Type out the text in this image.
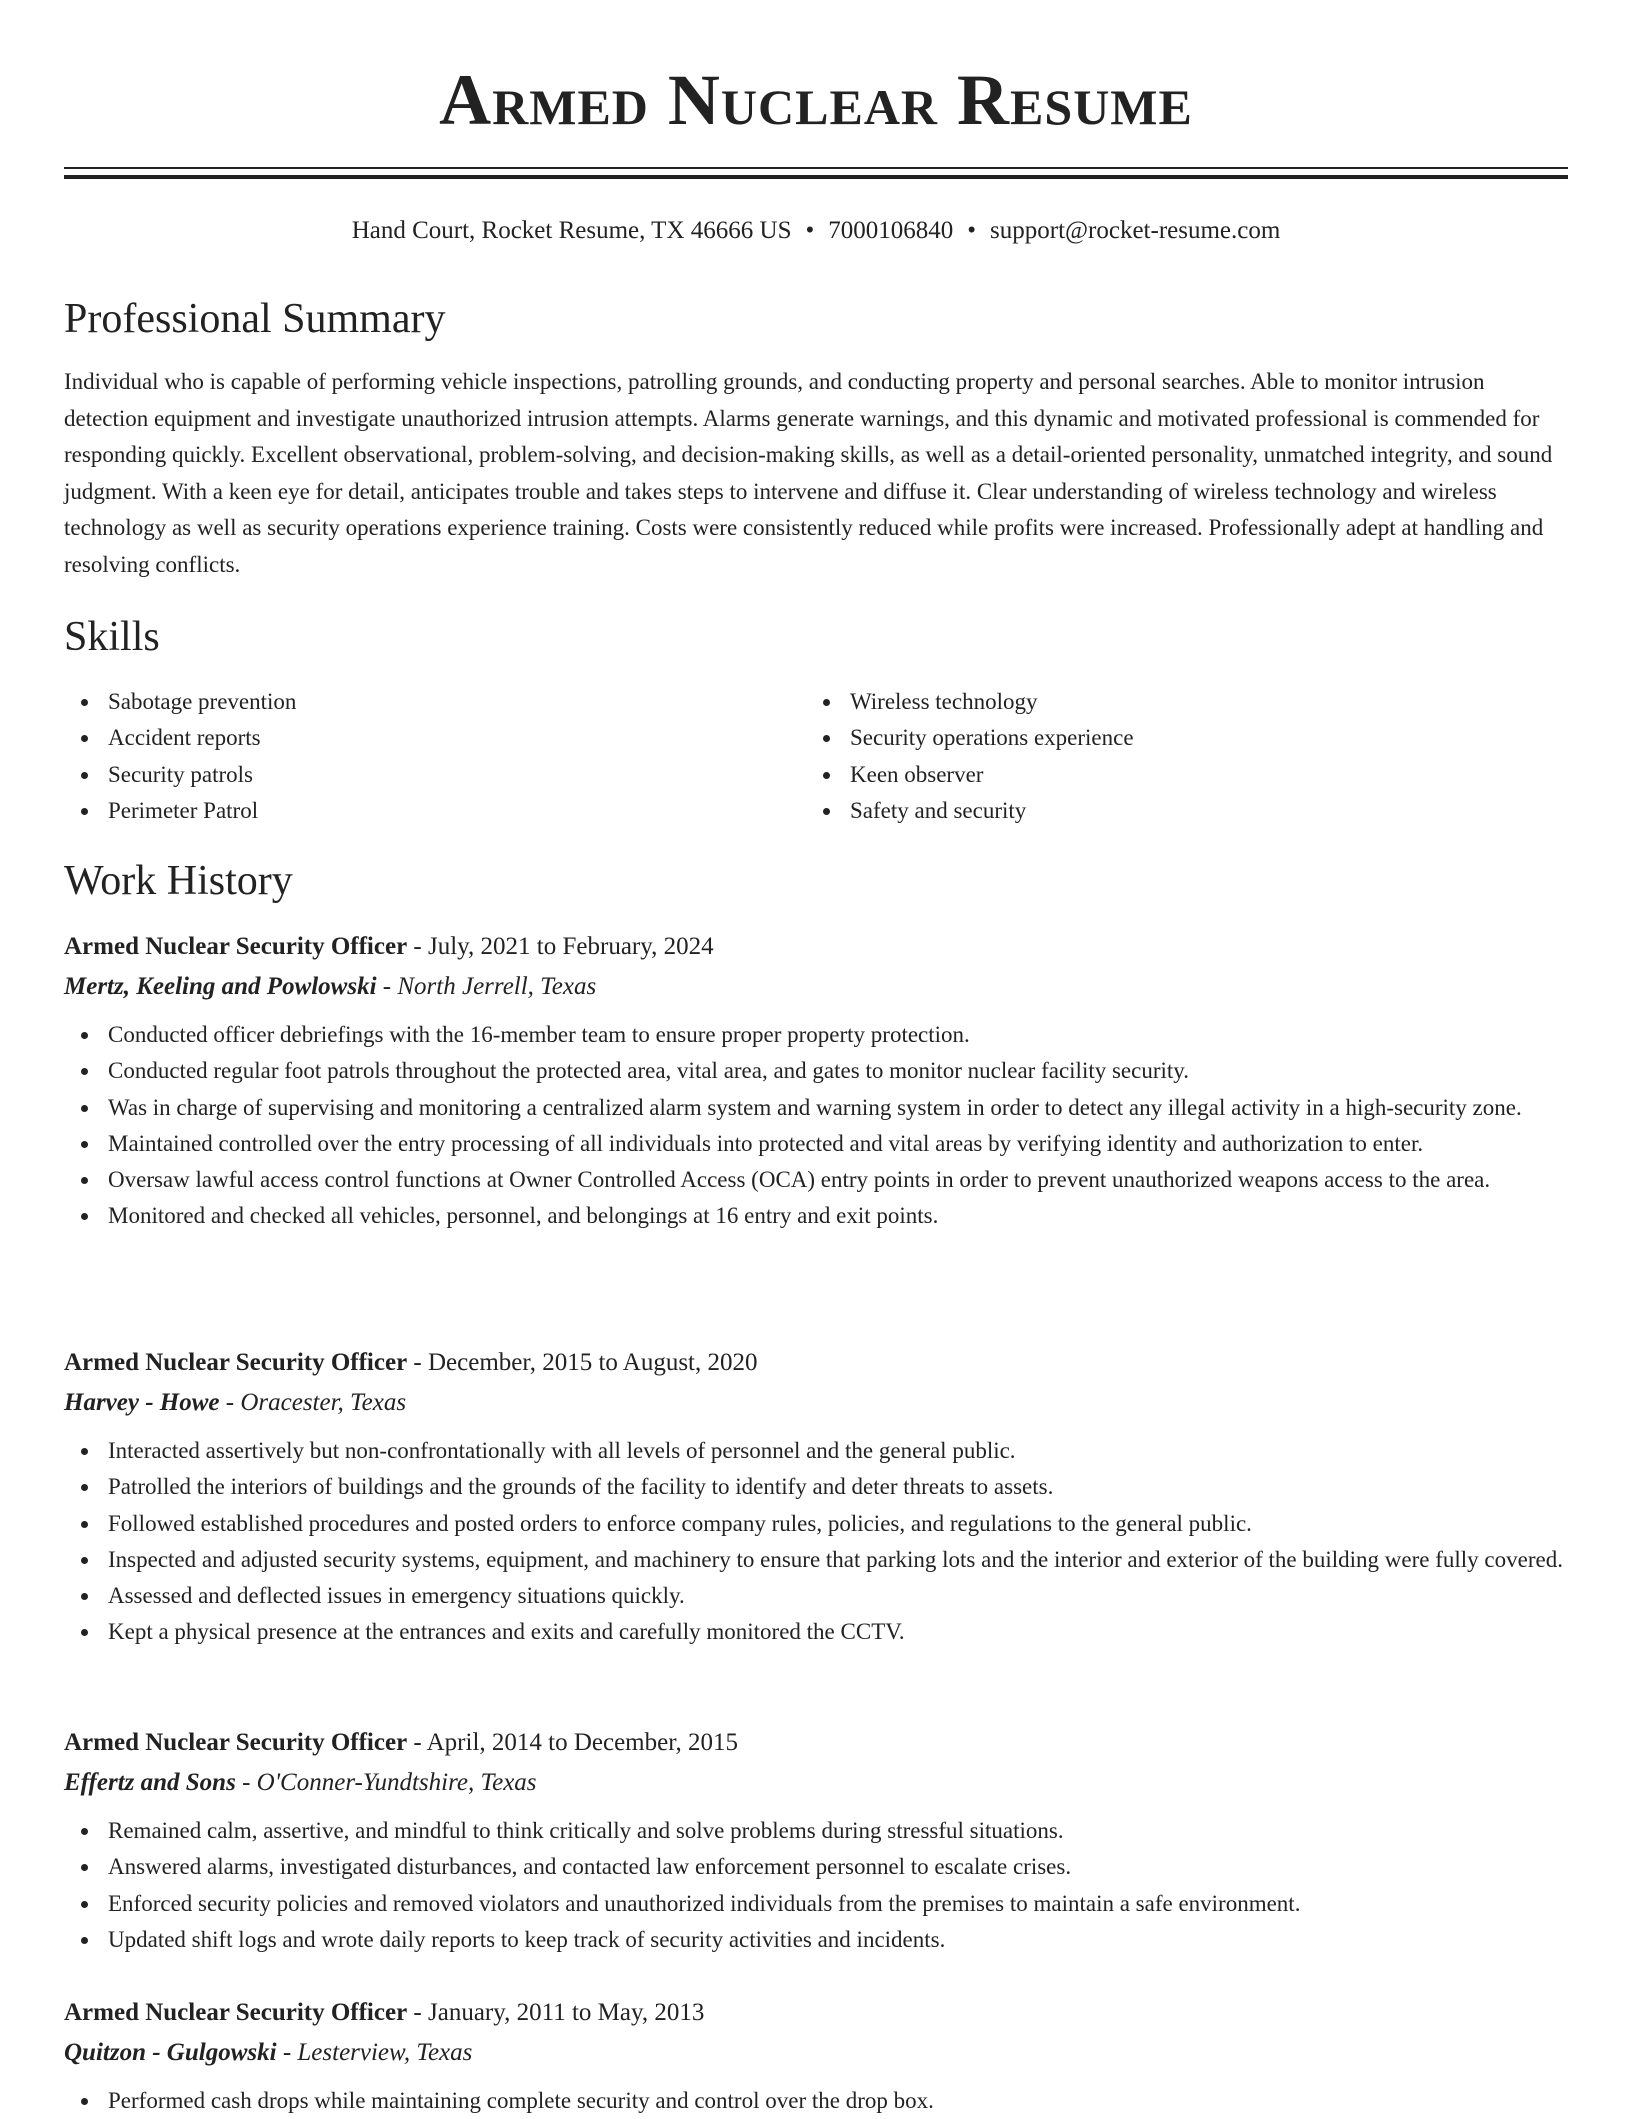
Armed Nuclear Resume
Hand Court, Rocket Resume, TX 46666 US • 7000106840 • support@rocket-resume.com
Professional Summary

Individual who is capable of performing vehicle inspections, patrolling grounds, and conducting property and personal searches. Able to monitor intrusion detection equipment and investigate unauthorized intrusion attempts. Alarms generate warnings, and this dynamic and motivated professional is commended for responding quickly. Excellent observational, problem-solving, and decision-making skills, as well as a detail-oriented personality, unmatched integrity, and sound judgment. With a keen eye for detail, anticipates trouble and takes steps to intervene and diffuse it. Clear understanding of wireless technology and wireless technology as well as security operations experience training. Costs were consistently reduced while profits were increased. Professionally adept at handling and resolving conflicts.

Skills
Sabotage prevention
Accident reports
Security patrols
Perimeter Patrol
Wireless technology
Security operations experience
Keen observer
Safety and security
Work History

Armed Nuclear Security Officer - July, 2021 to February, 2024

Mertz, Keeling and Powlowski - North Jerrell, Texas

Conducted officer debriefings with the 16-member team to ensure proper property protection.
Conducted regular foot patrols throughout the protected area, vital area, and gates to monitor nuclear facility security.
Was in charge of supervising and monitoring a centralized alarm system and warning system in order to detect any illegal activity in a high-security zone.
Maintained controlled over the entry processing of all individuals into protected and vital areas by verifying identity and authorization to enter.
Oversaw lawful access control functions at Owner Controlled Access (OCA) entry points in order to prevent unauthorized weapons access to the area.
Monitored and checked all vehicles, personnel, and belongings at 16 entry and exit points.

Armed Nuclear Security Officer - December, 2015 to August, 2020

Harvey - Howe - Oracester, Texas

Interacted assertively but non-confrontationally with all levels of personnel and the general public.
Patrolled the interiors of buildings and the grounds of the facility to identify and deter threats to assets.
Followed established procedures and posted orders to enforce company rules, policies, and regulations to the general public.
Inspected and adjusted security systems, equipment, and machinery to ensure that parking lots and the interior and exterior of the building were fully covered.
Assessed and deflected issues in emergency situations quickly.
Kept a physical presence at the entrances and exits and carefully monitored the CCTV.

Armed Nuclear Security Officer - April, 2014 to December, 2015

Effertz and Sons - O'Conner-Yundtshire, Texas

Remained calm, assertive, and mindful to think critically and solve problems during stressful situations.
Answered alarms, investigated disturbances, and contacted law enforcement personnel to escalate crises.
Enforced security policies and removed violators and unauthorized individuals from the premises to maintain a safe environment.
Updated shift logs and wrote daily reports to keep track of security activities and incidents.

Armed Nuclear Security Officer - January, 2011 to May, 2013

Quitzon - Gulgowski - Lesterview, Texas

Performed cash drops while maintaining complete security and control over the drop box.
